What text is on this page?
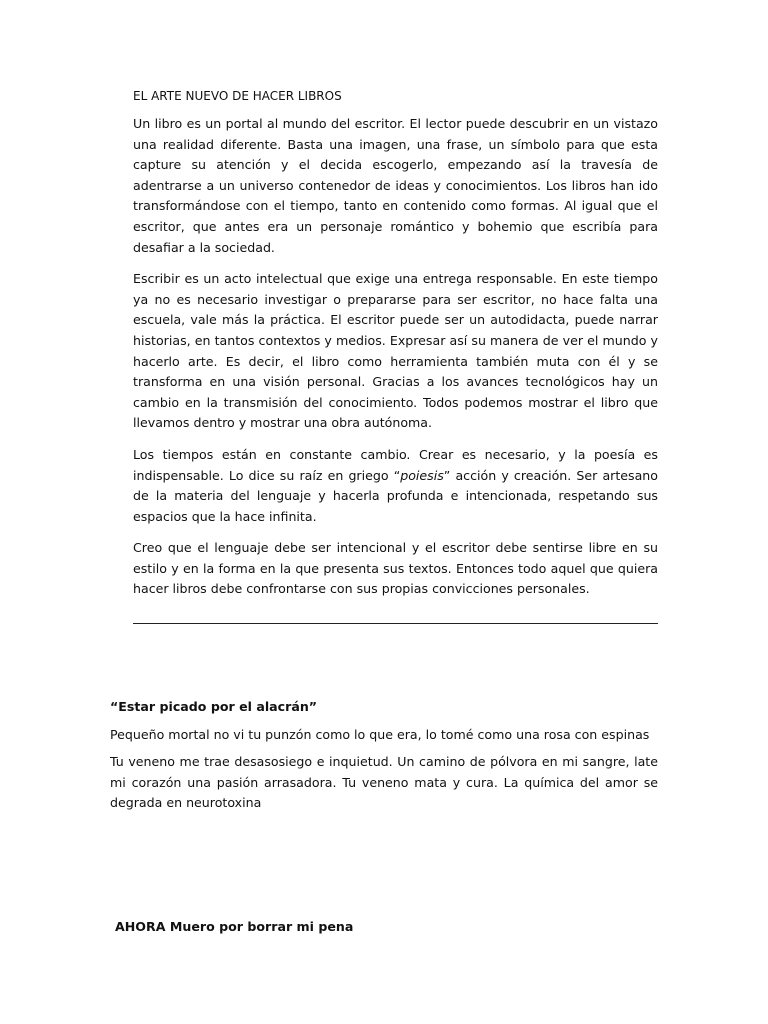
EL ARTE NUEVO DE HACER LIBROS

Un libro es un portal al mundo del escritor. El lector puede descubrir en un vistazo una realidad diferente. Basta una imagen, una frase, un símbolo para que esta capture su atención y el decida escogerlo, empezando así la travesía de adentrarse a un universo contenedor de ideas y conocimientos. Los libros han ido transformándose con el tiempo, tanto en contenido como formas. Al igual que el escritor, que antes era un personaje romántico y bohemio que escribía para desafiar a la sociedad.

Escribir es un acto intelectual que exige una entrega responsable. En este tiempo ya no es necesario investigar o prepararse para ser escritor, no hace falta una escuela, vale más la práctica. El escritor puede ser un autodidacta, puede narrar historias, en tantos contextos y medios. Expresar así su manera de ver el mundo y hacerlo arte. Es decir, el libro como herramienta también muta con él y se transforma en una visión personal. Gracias a los avances tecnológicos hay un cambio en la transmisión del conocimiento. Todos podemos mostrar el libro que llevamos dentro y mostrar una obra autónoma.

Los tiempos están en constante cambio. Crear es necesario, y la poesía es indispensable. Lo dice su raíz en griego “poiesis” acción y creación. Ser artesano de la materia del lenguaje y hacerla profunda e intencionada, respetando sus espacios que la hace infinita.

Creo que el lenguaje debe ser intencional y el escritor debe sentirse libre en su estilo y en la forma en la que presenta sus textos. Entonces todo aquel que quiera hacer libros debe confrontarse con sus propias convicciones personales.

“Estar picado por el alacrán”

Pequeño mortal no vi tu punzón como lo que era, lo tomé como una rosa con espinas

Tu veneno me trae desasosiego e inquietud. Un camino de pólvora en mi sangre, late mi corazón una pasión arrasadora. Tu veneno mata y cura. La química del amor se degrada en neurotoxina

AHORA Muero por borrar mi pena
